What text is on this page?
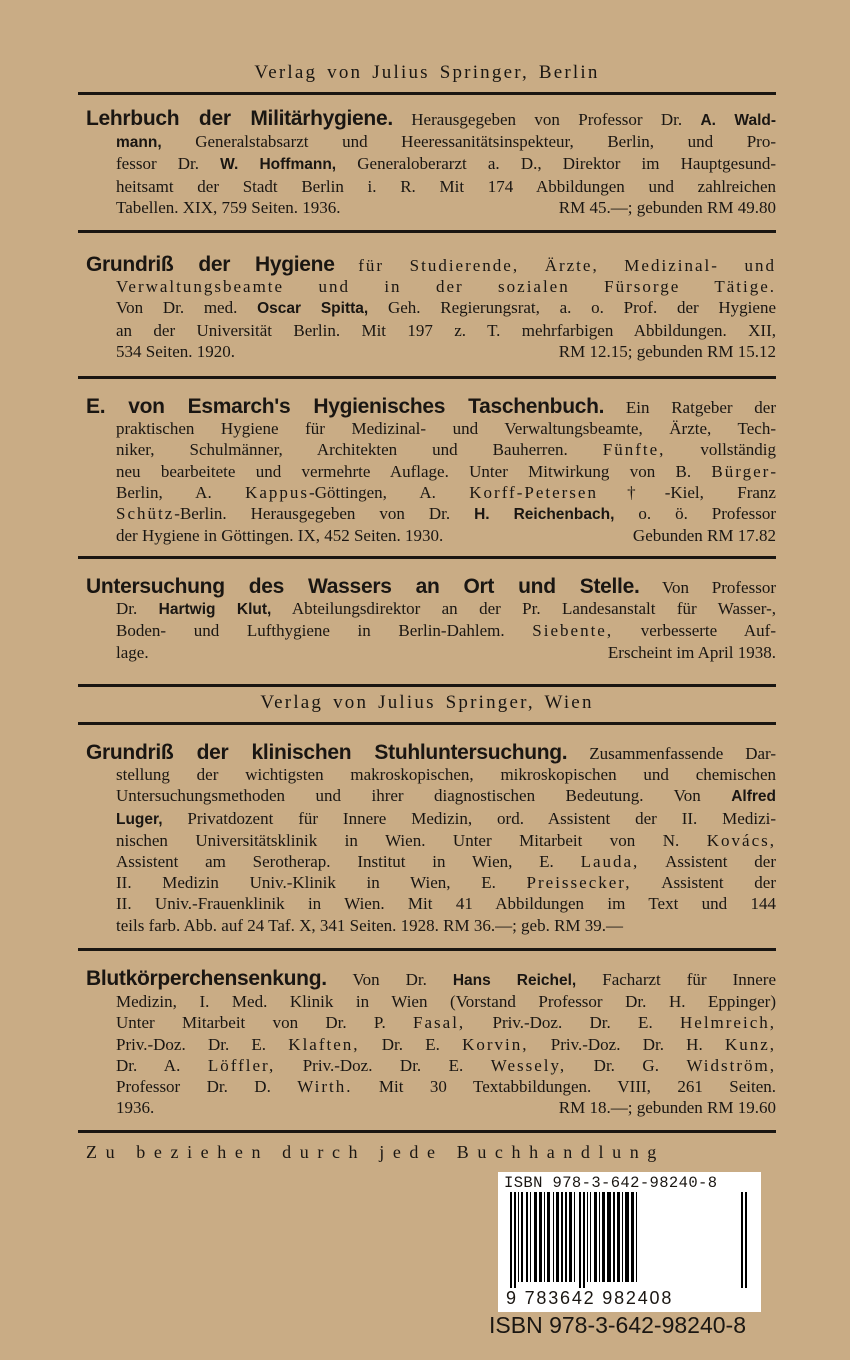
Verlag von Julius Springer, Berlin
Lehrbuch der Militärhygiene. Herausgegeben von Professor Dr. A. Wald-
mann, Generalstabsarzt und Heeressanitätsinspekteur, Berlin, und Pro-
fessor Dr. W. Hoffmann, Generaloberarzt a. D., Direktor im Hauptgesund-
heitsamt der Stadt Berlin i. R. Mit 174 Abbildungen und zahlreichen
Tabellen. XIX, 759 Seiten. 1936.	RM 45.—; gebunden RM 49.80
Grundriß der Hygiene für Studierende, Ärzte, Medizinal- und
Verwaltungsbeamte und in der sozialen Fürsorge Tätige.
Von Dr. med. Oscar Spitta, Geh. Regierungsrat, a. o. Prof. der Hygiene
an der Universität Berlin. Mit 197 z. T. mehrfarbigen Abbildungen. XII,
534 Seiten. 1920.	RM 12.15; gebunden RM 15.12
E. von Esmarch's Hygienisches Taschenbuch. Ein Ratgeber der
praktischen Hygiene für Medizinal- und Verwaltungsbeamte, Ärzte, Tech-
niker, Schulmänner, Architekten und Bauherren. Fünfte, vollständig
neu bearbeitete und vermehrte Auflage. Unter Mitwirkung von B. Bürger-
Berlin, A. Kappus-Göttingen, A. Korff-Petersen†-Kiel, Franz
Schütz-Berlin. Herausgegeben von Dr. H. Reichenbach, o. ö. Professor
der Hygiene in Göttingen. IX, 452 Seiten. 1930.	Gebunden RM 17.82
Untersuchung des Wassers an Ort und Stelle. Von Professor
Dr. Hartwig Klut, Abteilungsdirektor an der Pr. Landesanstalt für Wasser-,
Boden- und Lufthygiene in Berlin-Dahlem. Siebente, verbesserte Auf-
lage.	Erscheint im April 1938.
Verlag von Julius Springer, Wien
Grundriß der klinischen Stuhluntersuchung. Zusammenfassende Dar-
stellung der wichtigsten makroskopischen, mikroskopischen und chemischen
Untersuchungsmethoden und ihrer diagnostischen Bedeutung. Von Alfred
Luger, Privatdozent für Innere Medizin, ord. Assistent der II. Medizi-
nischen Universitätsklinik in Wien. Unter Mitarbeit von N. Kovács,
Assistent am Serotherap. Institut in Wien, E. Lauda, Assistent der
II. Medizin Univ.-Klinik in Wien, E. Preissecker, Assistent der
II. Univ.-Frauenklinik in Wien. Mit 41 Abbildungen im Text und 144
teils farb. Abb. auf 24 Taf. X, 341 Seiten. 1928. RM 36.—; geb. RM 39.—
Blutkörperchensenkung. Von Dr. Hans Reichel, Facharzt für Innere
Medizin, I. Med. Klinik in Wien (Vorstand Professor Dr. H. Eppinger)
Unter Mitarbeit von Dr. P. Fasal, Priv.-Doz. Dr. E. Helmreich,
Priv.-Doz. Dr. E. Klaften, Dr. E. Korvin, Priv.-Doz. Dr. H. Kunz,
Dr. A. Löffler, Priv.-Doz. Dr. E. Wessely, Dr. G. Widström,
Professor Dr. D. Wirth. Mit 30 Textabbildungen. VIII, 261 Seiten.
1936.	RM 18.—; gebunden RM 19.60
Zu beziehen durch jede Buchhandlung
ISBN 978-3-642-98240-8
9 783642 982408
ISBN 978-3-642-98240-8
